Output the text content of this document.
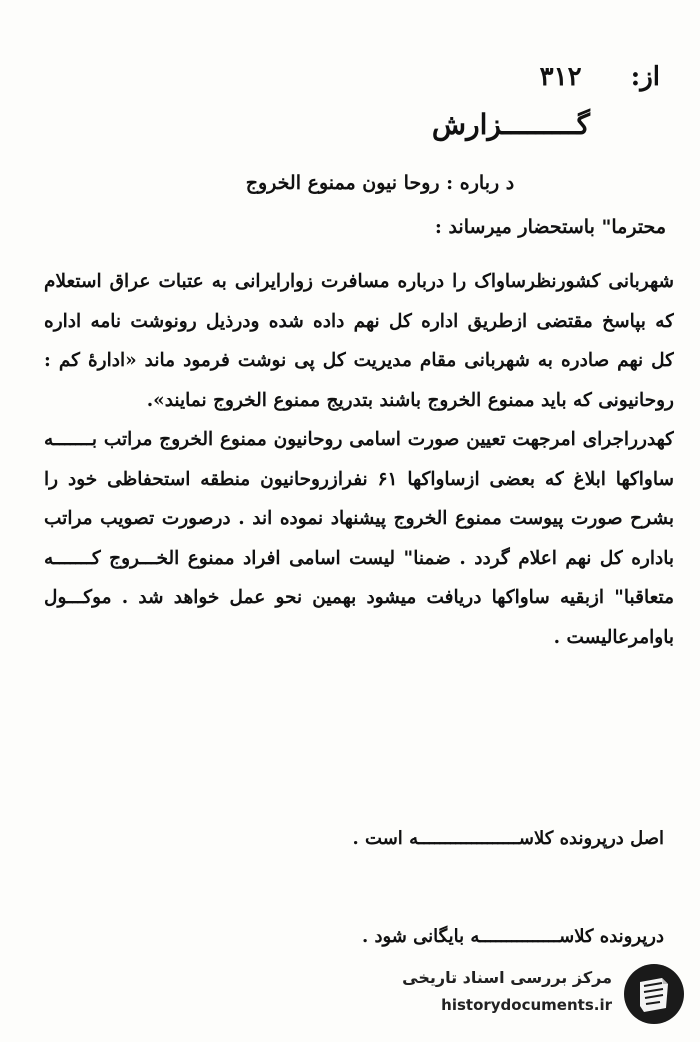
از: ۳۱۲
گـــــــــزارش
د رباره : روحا نیون ممنوع الخروج
محترما" باستحضار میرساند :
شهربانی کشورنظرساواک را درباره مسافرت زوارایرانی به عتبات عراق استعلام
که بپاسخ مقتضی ازطریق اداره کل نهم داده شده ودرذیل رونوشت نامه اداره
کل نهم صادره به شهربانی مقام مدیریت کل پی نوشت فرمود ماند «ادارهٔ کم :
روحانیونی که باید ممنوع الخروج باشند بتدریج ممنوع الخروج نمایند».
کهدرراجرای امرجهت تعیین صورت اسامی روحانیون ممنوع الخروج مراتب بـــــــه
ساواکها ابلاغ که بعضی ازساواکها ۶۱ نفرازروحانیون منطقه استحفاظی خود را
بشرح صورت پیوست ممنوع الخروج پیشنهاد نموده اند . درصورت تصویب مراتب
باداره کل نهم اعلام گردد . ضمنا" لیست اسامی افراد ممنوع الخـــروج کـــــــه
متعاقبا" ازبقیه ساواکها دریافت میشود بهمین نحو عمل خواهد شد . موکـــول
باوامرعالیست .
اصل درپرونده کلاســـــــــــــــــــه است .
درپرونده کلاســـــــــــــــه بایگانی شود .
مرکز بررسی اسناد تاریخی
historydocuments.ir
